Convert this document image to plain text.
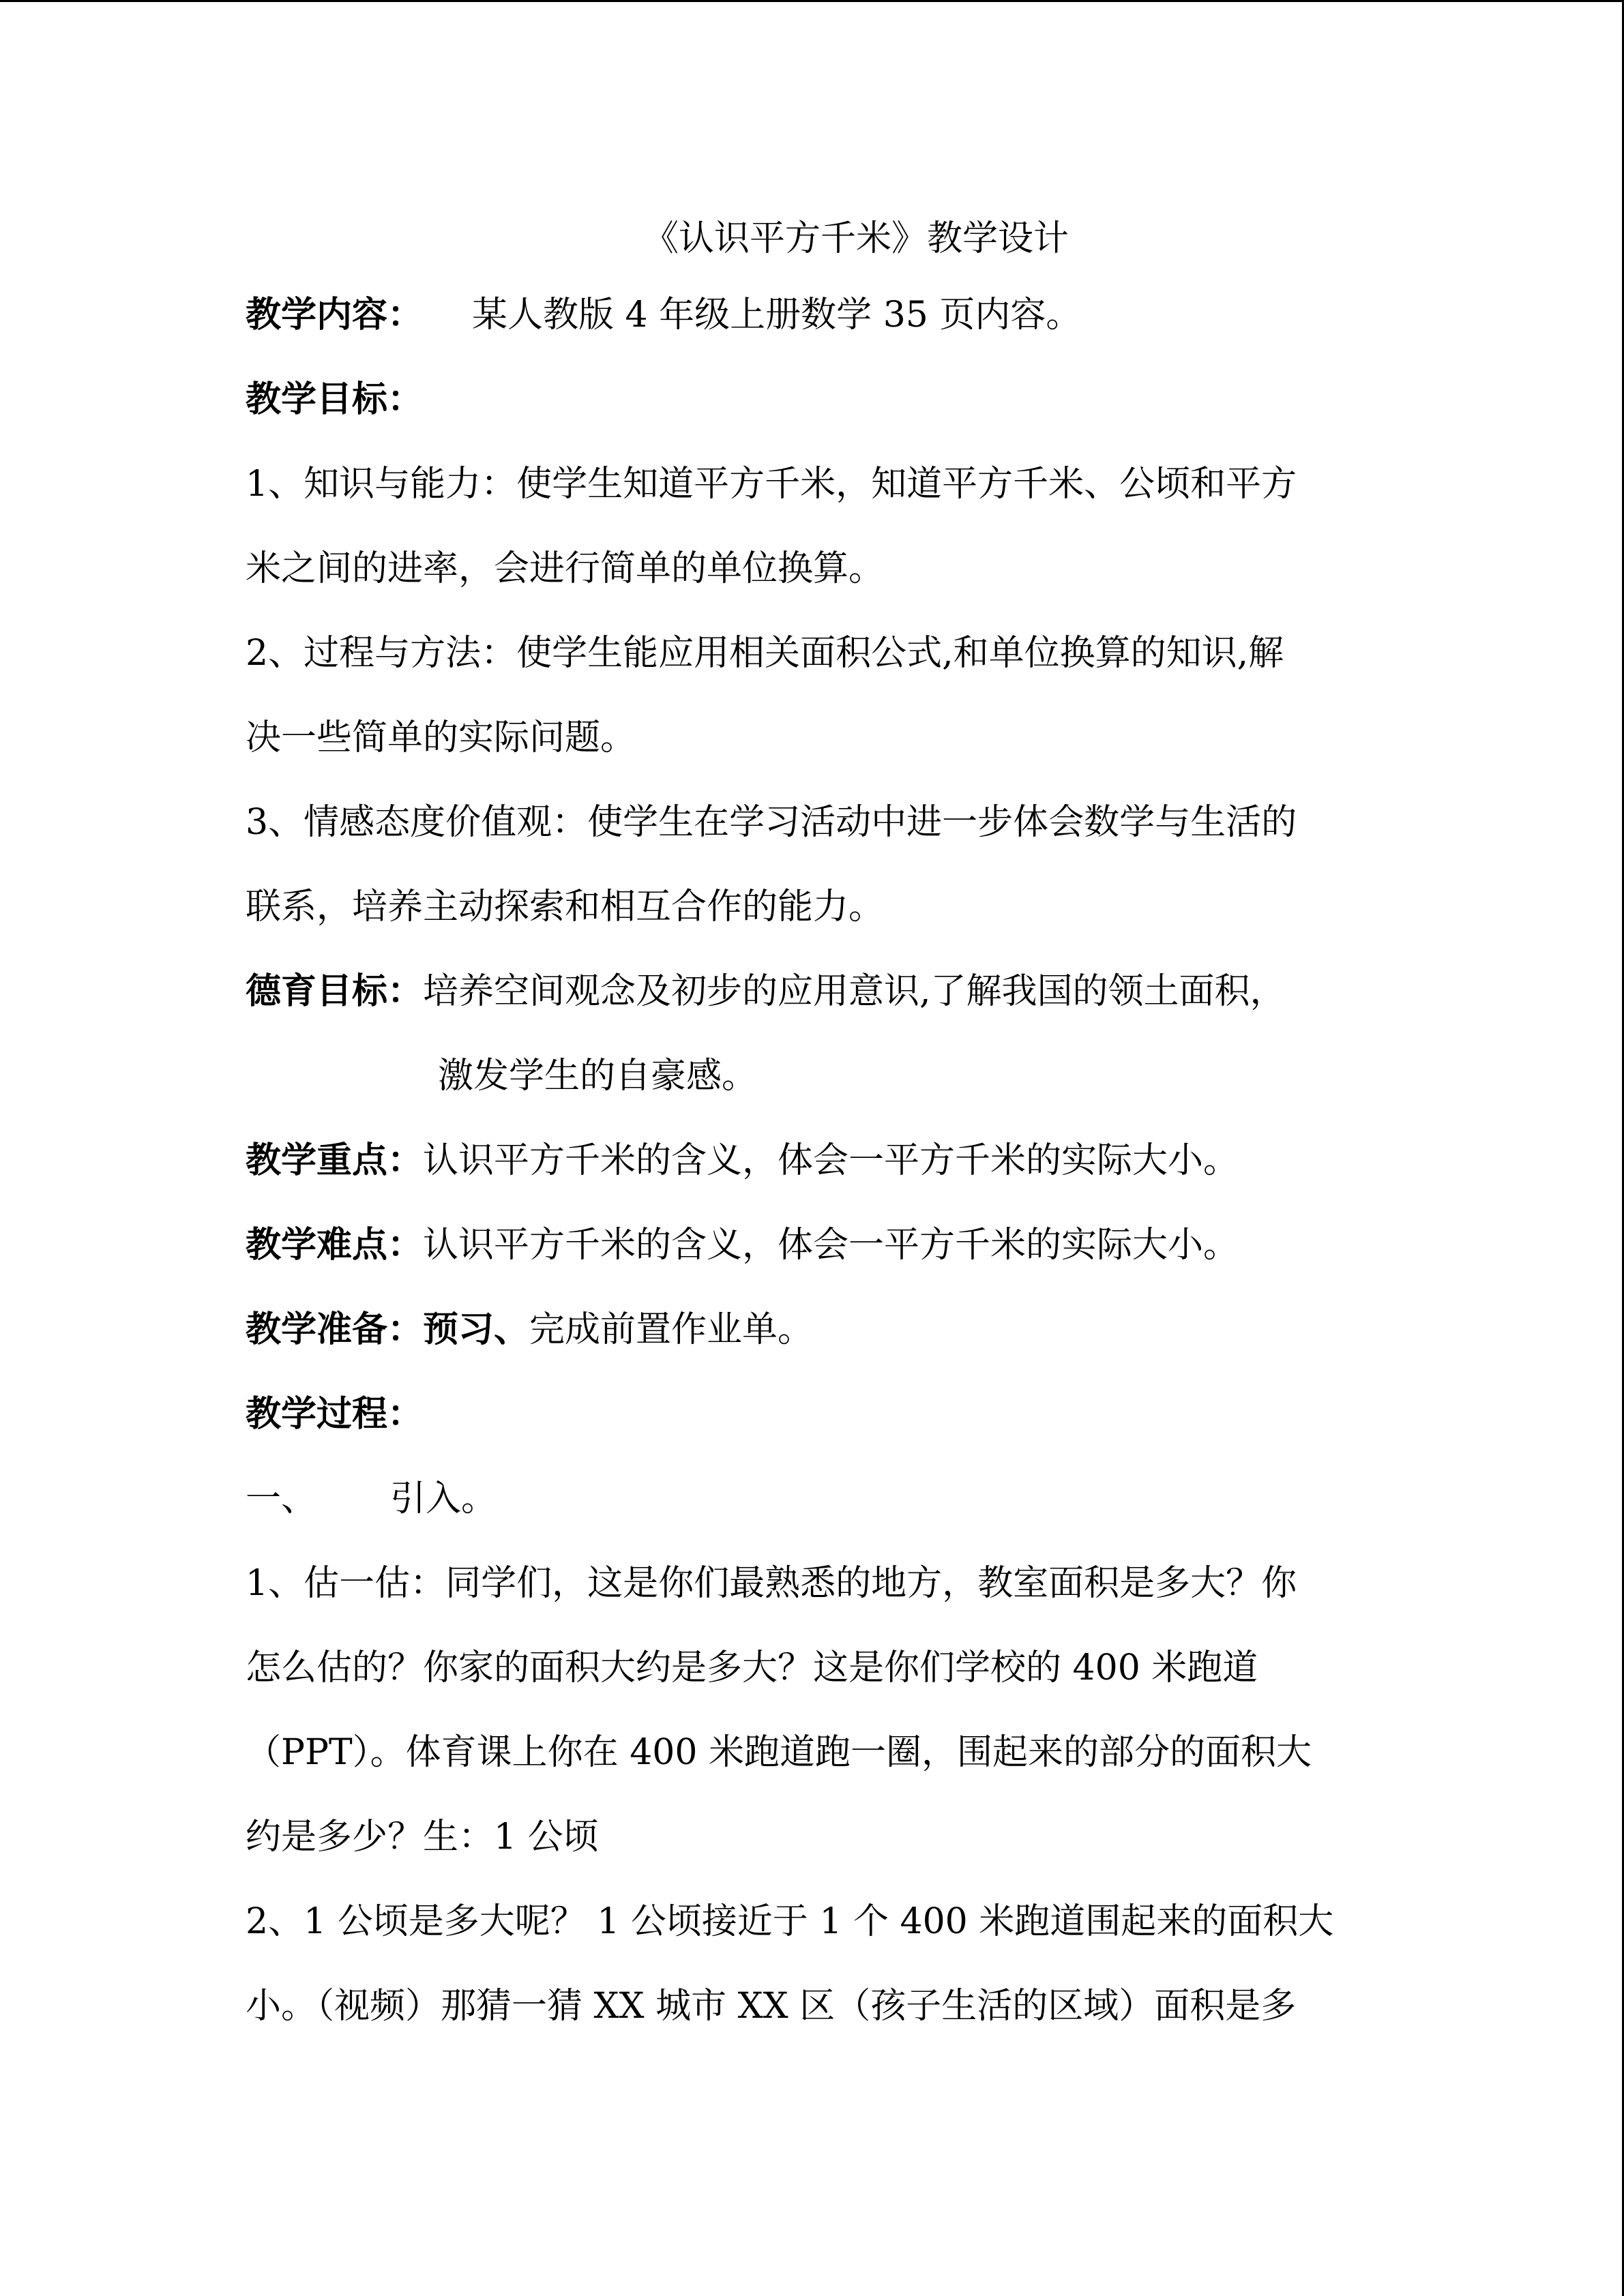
《认识平方千米》教学设计
教学内容： 某人教版 4 年级上册数学 35 页内容。
教学目标：
1、知识与能力：使学生知道平方千米，知道平方千米、公顷和平方
米之间的进率，会进行简单的单位换算。
2、过程与方法：使学生能应用相关面积公式,和单位换算的知识,解
决一些简单的实际问题。
3、情感态度价值观：使学生在学习活动中进一步体会数学与生活的
联系，培养主动探索和相互合作的能力。
德育目标：培养空间观念及初步的应用意识,了解我国的领土面积，
激发学生的自豪感。
教学重点：认识平方千米的含义，体会一平方千米的实际大小。
教学难点：认识平方千米的含义，体会一平方千米的实际大小。
教学准备：预习、完成前置作业单。
教学过程：
一、 引入。
1、估一估：同学们，这是你们最熟悉的地方，教室面积是多大？你
怎么估的？你家的面积大约是多大？这是你们学校的 400 米跑道
（PPT）。体育课上你在 400 米跑道跑一圈，围起来的部分的面积大
约是多少？生：1 公顷
2、1 公顷是多大呢？ 1 公顷接近于 1 个 400 米跑道围起来的面积大
小。（视频）那猜一猜 XX 城市 XX 区（孩子生活的区域）面积是多
